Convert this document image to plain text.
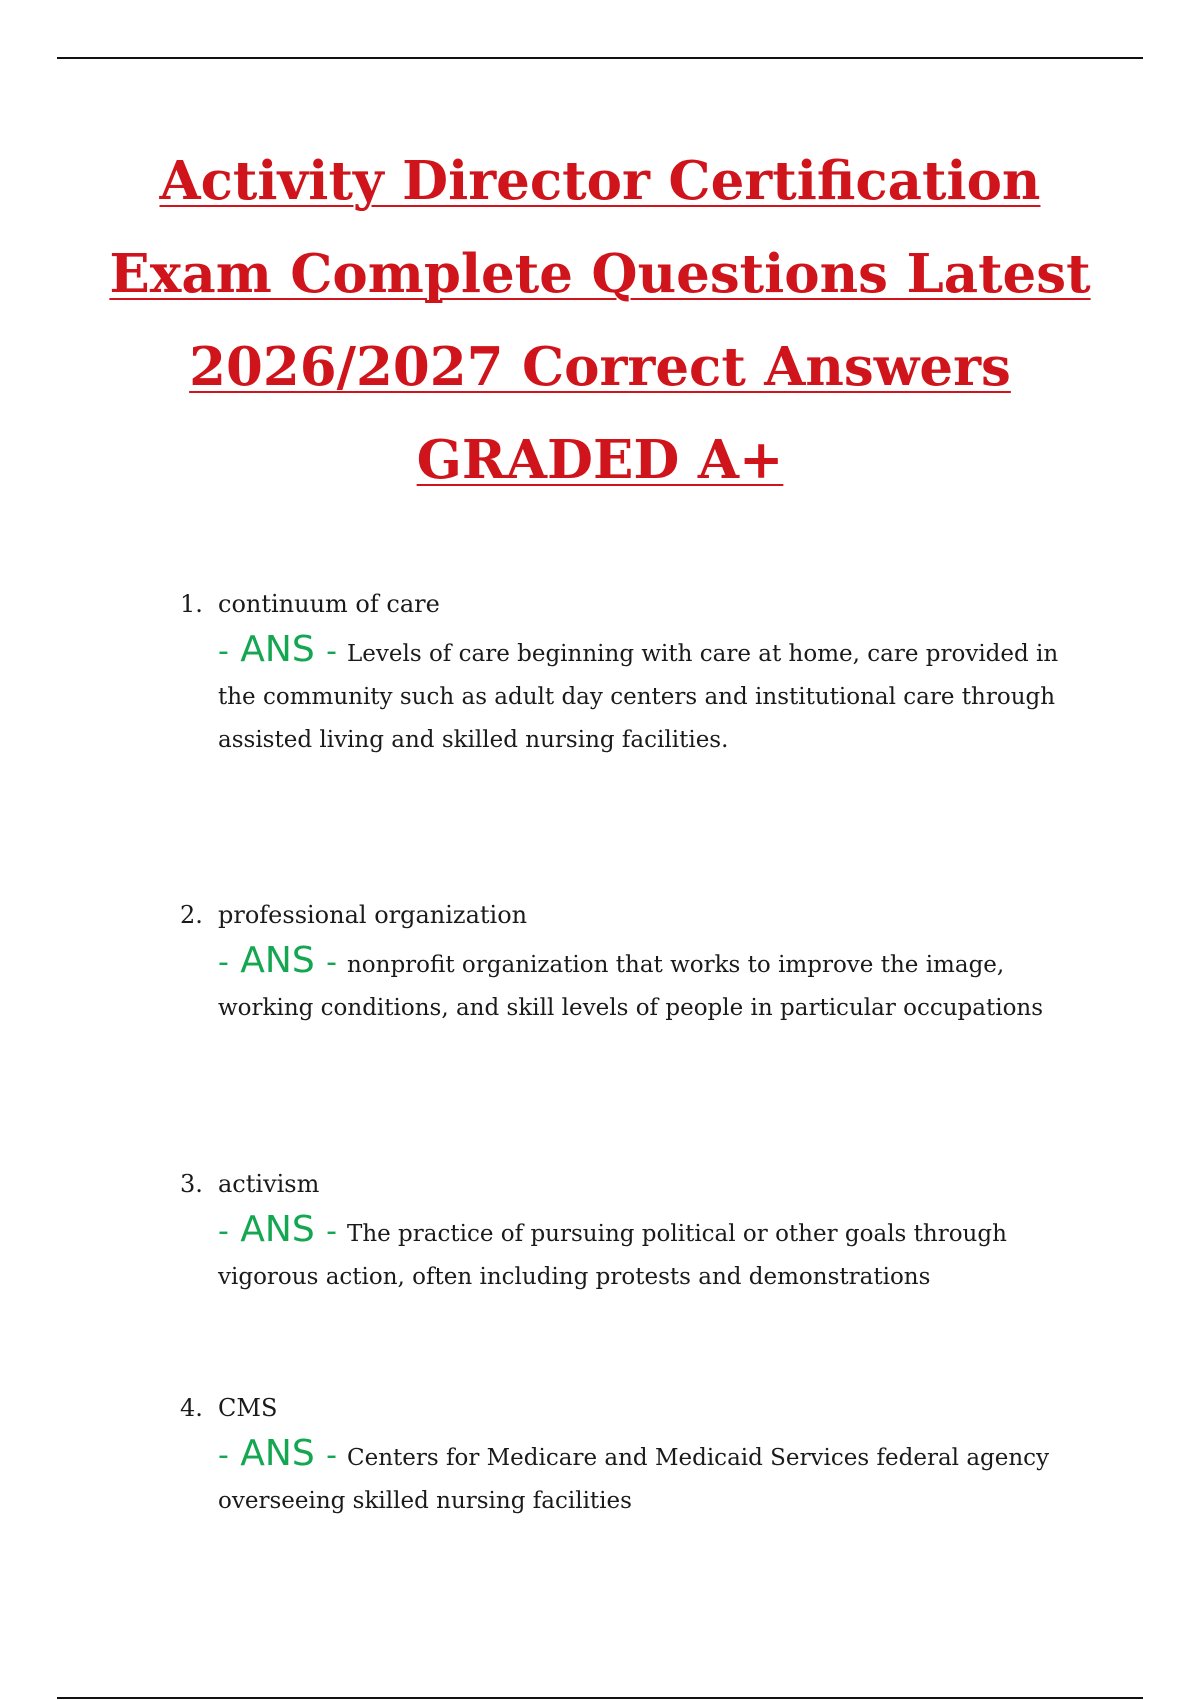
Activity Director Certification
Exam Complete Questions Latest
2026/2027 Correct Answers
GRADED A+
1. continuum of care

- ANS - Levels of care beginning with care at home, care provided in the community such as adult day centers and institutional care through assisted living and skilled nursing facilities.

2. professional organization

- ANS - nonprofit organization that works to improve the image, working conditions, and skill levels of people in particular occupations

3. activism

- ANS - The practice of pursuing political or other goals through vigorous action, often including protests and demonstrations

4. CMS

- ANS - Centers for Medicare and Medicaid Services federal agency overseeing skilled nursing facilities
